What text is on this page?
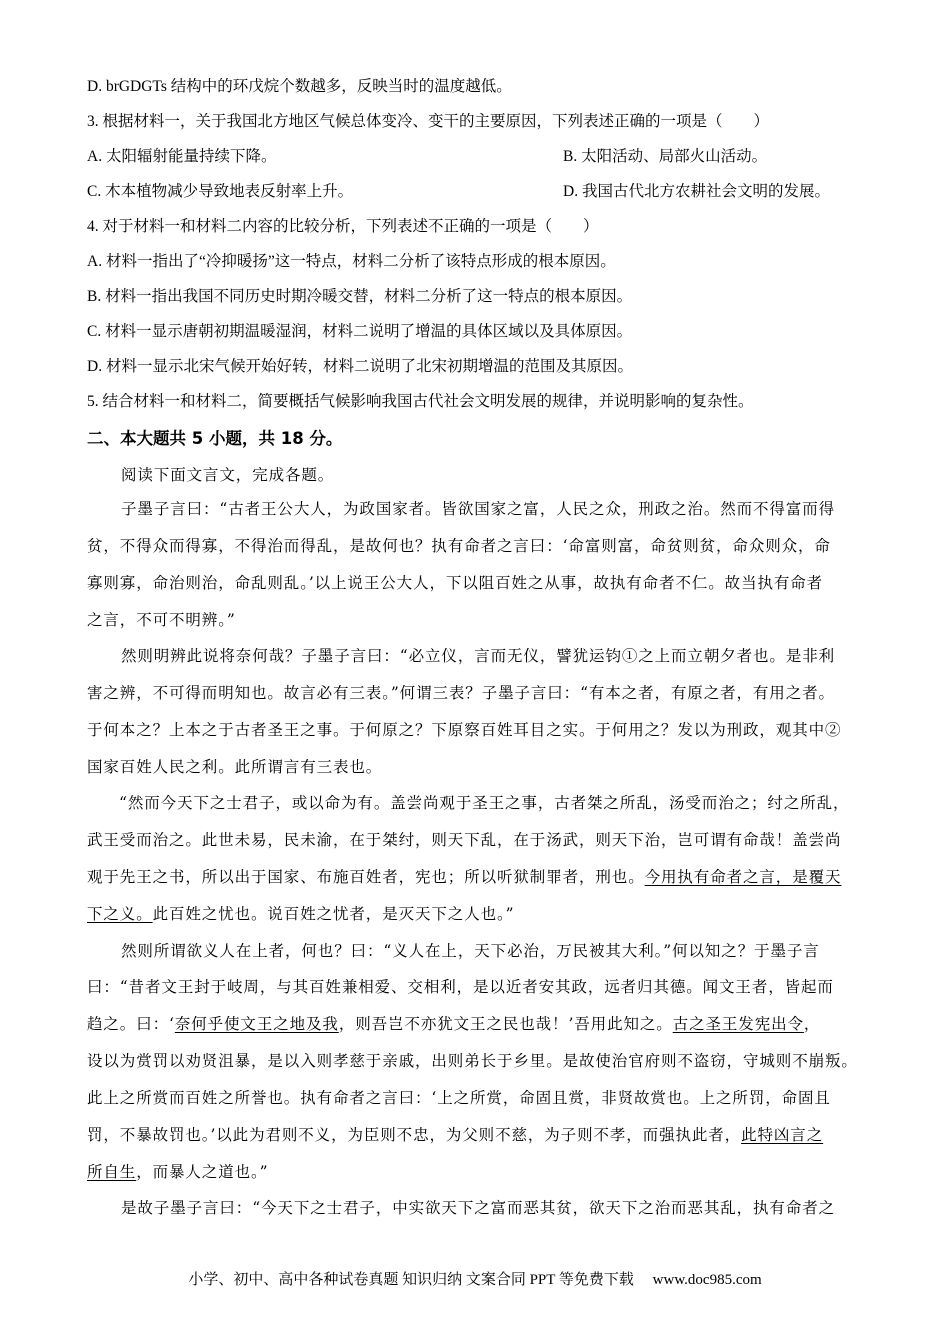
D. brGDGTs 结构中的环戊烷个数越多，反映当时的温度越低。
3. 根据材料一，关于我国北方地区气候总体变冷、变干的主要原因，下列表述正确的一项是（　　）
A. 太阳辐射能量持续下降。	B. 太阳活动、局部火山活动。
C. 木本植物减少导致地表反射率上升。	D. 我国古代北方农耕社会文明的发展。
4. 对于材料一和材料二内容的比较分析，下列表述不正确的一项是（　　）
A. 材料一指出了“冷抑暖扬”这一特点，材料二分析了该特点形成的根本原因。
B. 材料一指出我国不同历史时期冷暖交替，材料二分析了这一特点的根本原因。
C. 材料一显示唐朝初期温暖湿润，材料二说明了增温的具体区域以及具体原因。
D. 材料一显示北宋气候开始好转，材料二说明了北宋初期增温的范围及其原因。
5. 结合材料一和材料二，简要概括气候影响我国古代社会文明发展的规律，并说明影响的复杂性。
二、本大题共 5 小题，共 18 分。
阅读下面文言文，完成各题。
子墨子言曰：“古者王公大人，为政国家者。皆欲国家之富，人民之众，刑政之治。然而不得富而得
贫，不得众而得寡，不得治而得乱，是故何也？执有命者之言曰：‘命富则富，命贫则贫，命众则众，命
寡则寡，命治则治，命乱则乱。’以上说王公大人，下以阻百姓之从事，故执有命者不仁。故当执有命者
之言，不可不明辨。”
然则明辨此说将奈何哉？子墨子言曰：“必立仪，言而无仪，譬犹运钧①之上而立朝夕者也。是非利
害之辨，不可得而明知也。故言必有三表。”何谓三表？子墨子言曰：“有本之者，有原之者，有用之者。
于何本之？上本之于古者圣王之事。于何原之？下原察百姓耳目之实。于何用之？发以为刑政，观其中②
国家百姓人民之利。此所谓言有三表也。
“然而今天下之士君子，或以命为有。盖尝尚观于圣王之事，古者桀之所乱，汤受而治之；纣之所乱，
武王受而治之。此世未易，民未渝，在于桀纣，则天下乱，在于汤武，则天下治，岂可谓有命哉！盖尝尚
观于先王之书，所以出于国家、布施百姓者，宪也；所以听狱制罪者，刑也。今用执有命者之言，是覆天
下之义。此百姓之忧也。说百姓之忧者，是灭天下之人也。”
然则所谓欲义人在上者，何也？曰：“义人在上，天下必治，万民被其大利。”何以知之？于墨子言
曰：“昔者文王封于岐周，与其百姓兼相爱、交相利，是以近者安其政，远者归其德。闻文王者，皆起而
趋之。曰：‘奈何乎使文王之地及我，则吾岂不亦犹文王之民也哉！’吾用此知之。古之圣王发宪出令，
设以为赏罚以劝贤沮暴，是以入则孝慈于亲戚，出则弟长于乡里。是故使治官府则不盗窃，守城则不崩叛。
此上之所赏而百姓之所誉也。执有命者之言曰：‘上之所赏，命固且赏，非贤故赏也。上之所罚，命固且
罚，不暴故罚也。’以此为君则不义，为臣则不忠，为父则不慈，为子则不孝，而强执此者，此特凶言之
所自生，而暴人之道也。”
是故子墨子言曰：“今天下之士君子，中实欲天下之富而恶其贫，欲天下之治而恶其乱，执有命者之
小学、初中、高中各种试卷真题 知识归纳 文案合同 PPT 等免费下载 www.doc985.com
